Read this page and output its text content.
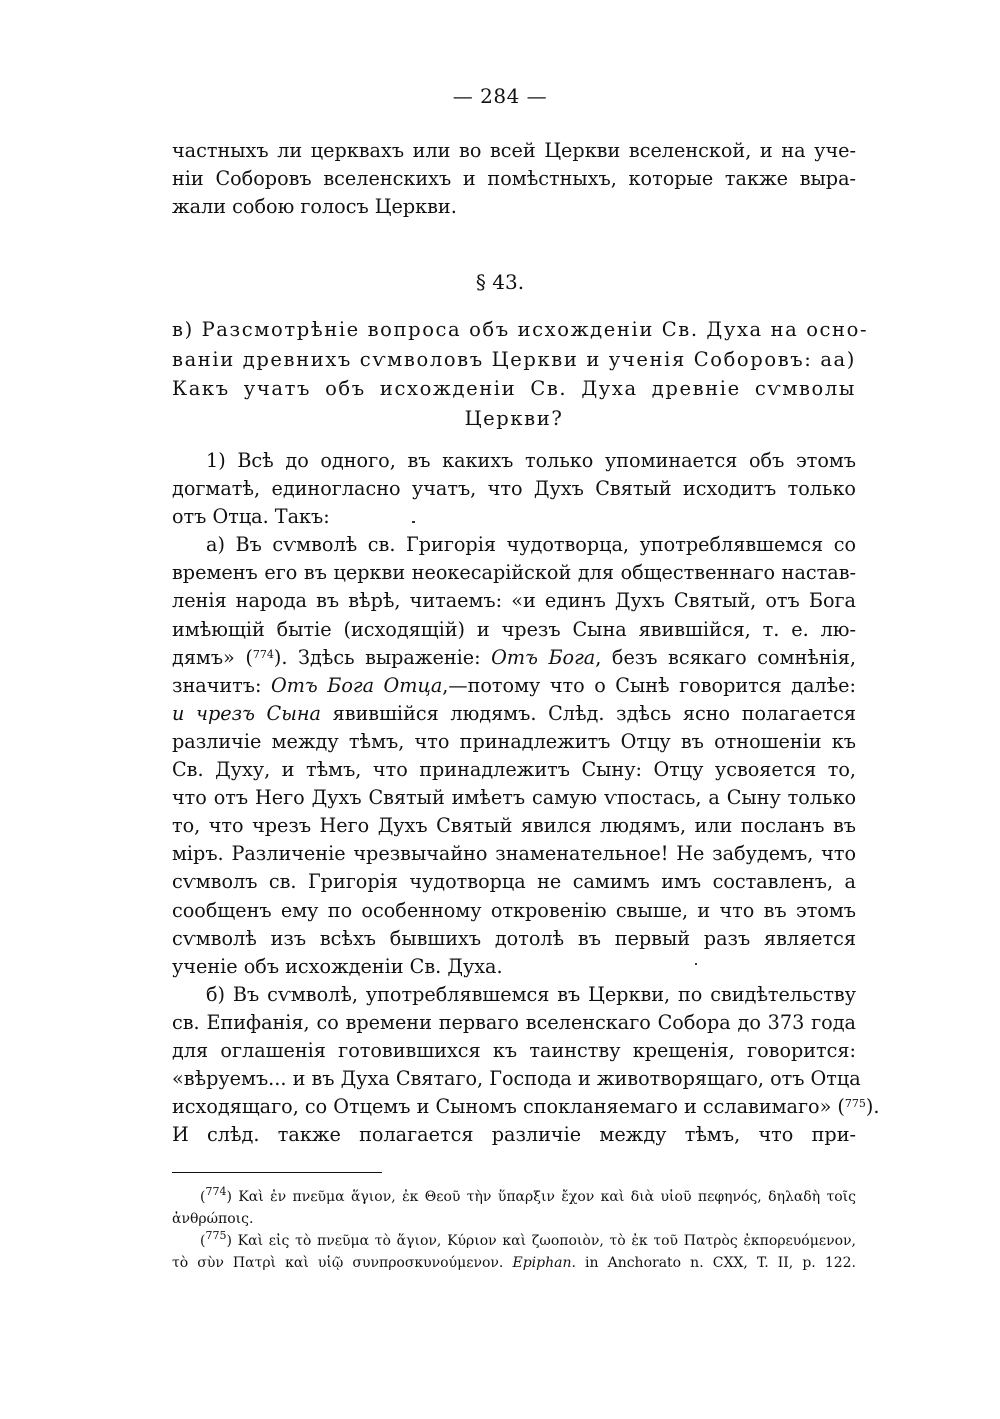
— 284 —
частныхъ ли церквахъ или во всей Церкви вселенской, и на уче-
ніи Соборовъ вселенскихъ и помѣстныхъ, которые также выра-
жали собою голосъ Церкви.
§ 43.
в) Разсмотрѣніе вопроса объ исхожденіи Св. Духа на осно-
ваніи древнихъ сѵмволовъ Церкви и ученія Соборовъ: аа)
Какъ учатъ объ исхожденіи Св. Духа древніе сѵмволы
Церкви?
1) Всѣ до одного, въ какихъ только упоминается объ этомъ
догматѣ, единогласно учатъ, что Духъ Святый исходитъ только
отъ Отца. Такъ:
а) Въ сѵмволѣ св. Григорія чудотворца, употреблявшемся со
временъ его въ церкви неокесарійской для общественнаго настав-
ленія народа въ вѣрѣ, читаемъ: «и единъ Духъ Святый, отъ Бога
имѣющій бытіе (исходящій) и чрезъ Сына явившійся, т. е. лю-
дямъ» ($^{774}$). Здѣсь выраженіе: Отъ Бога, безъ всякаго сомнѣнія,
значитъ: Отъ Бога Отца,—потому что о Сынѣ говорится далѣе:
и чрезъ Сына явившійся людямъ. Слѣд. здѣсь ясно полагается
различіе между тѣмъ, что принадлежитъ Отцу въ отношеніи къ
Св. Духу, и тѣмъ, что принадлежитъ Сыну: Отцу усвояется то,
что отъ Него Духъ Святый имѣетъ самую ѵпостась, а Сыну только
то, что чрезъ Него Духъ Святый явился людямъ, или посланъ въ
міръ. Различеніе чрезвычайно знаменательное! Не забудемъ, что
сѵмволъ св. Григорія чудотворца не самимъ имъ составленъ, а
сообщенъ ему по особенному откровенію свыше, и что въ этомъ
сѵмволѣ изъ всѣхъ бывшихъ дотолѣ въ первый разъ является
ученіе объ исхожденіи Св. Духа.
б) Въ сѵмволѣ, употреблявшемся въ Церкви, по свидѣтельству
св. Епифанія, со времени перваго вселенскаго Собора до 373 года
для оглашенія готовившихся къ таинству крещенія, говорится:
«вѣруемъ... и въ Духа Святаго, Господа и животворящаго, отъ Отца
исходящаго, со Отцемъ и Сыномъ спокланяемаго и сславимаго» ($^{775}$).
И слѣд. также полагается различіе между тѣмъ, что при-
($^{774}$) Καὶ ἐν πνεῦμα ἅγιον, ἐκ Θεοῦ τὴν ὕπαρξιν ἔχον καὶ διὰ υἱοῦ πεφηνός, δηλαδὴ τοῖς
ἀνθρώποις.
($^{775}$) Καὶ εἰς τὸ πνεῦμα τὸ ἅγιον, Κύριον καὶ ζωοποιὸν, τὸ ἐκ τοῦ Πατρὸς ἐκπορευόμενον,
τὸ σὺν Πατρὶ καὶ υἱῷ συνπροσκυνούμενον. Epiphan. in Anchorato n. CXX, T. II, p. 122.
